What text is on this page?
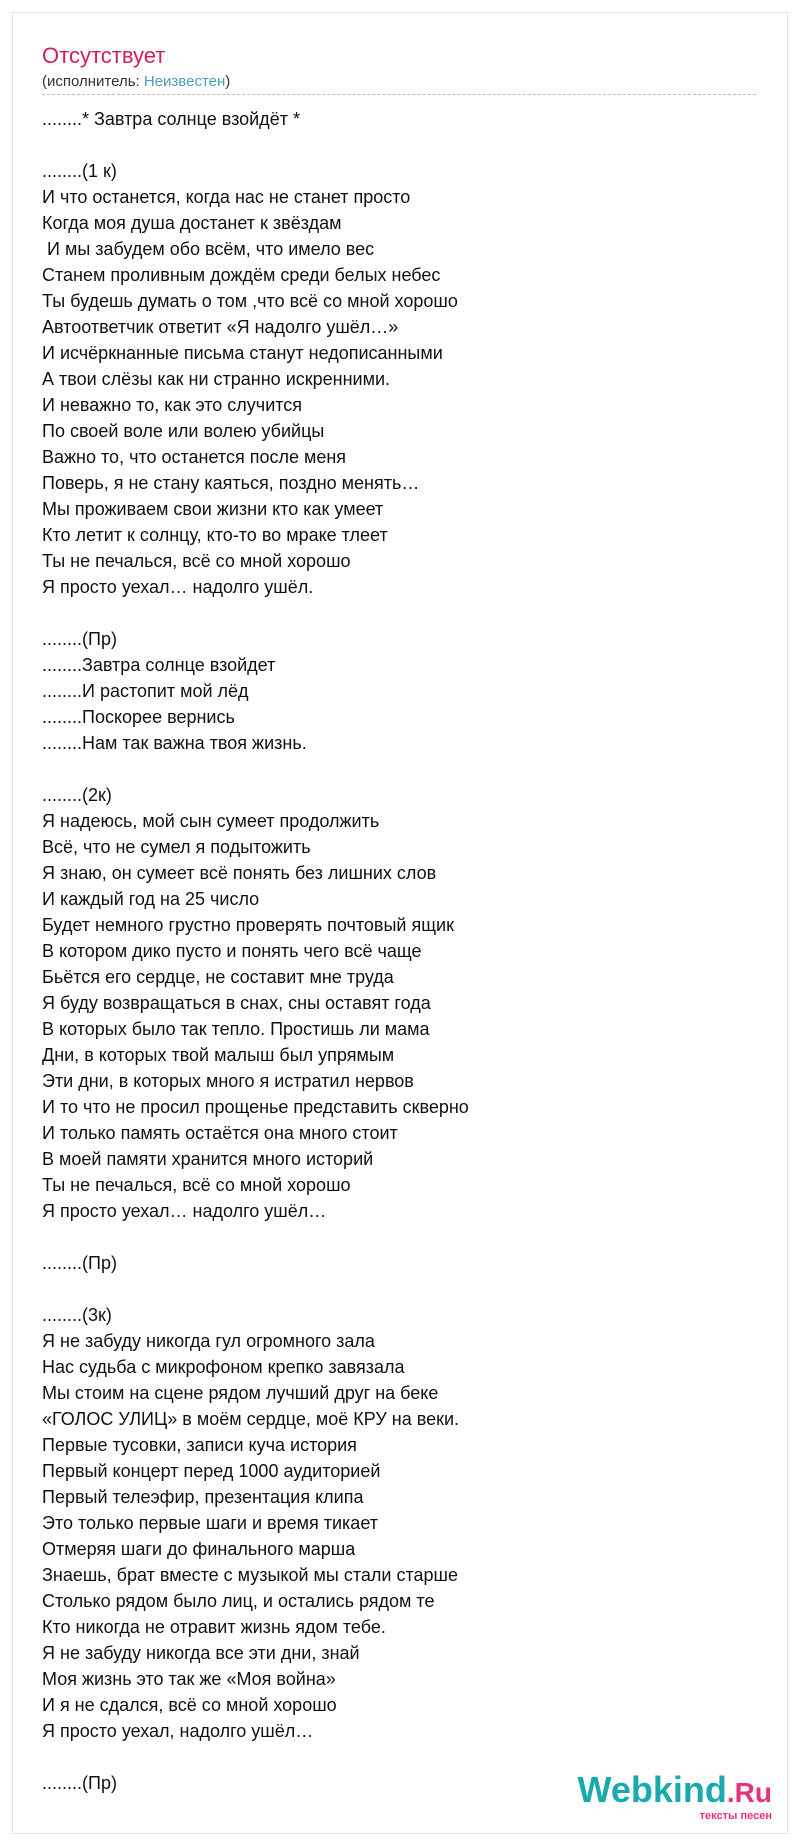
Отсутствует
(исполнитель: Неизвестен)
........* Завтра солнце взойдёт *
........(1 к)
И что останется, когда нас не станет просто
Когда моя душа достанет к звёздам
И мы забудем обо всём, что имело вес
Станем проливным дождём среди белых небес
Ты будешь думать о том ,что всё со мной хорошо
Автоответчик ответит «Я надолго ушёл…»
И исчёркнанные письма станут недописанными
А твои слёзы как ни странно искренними.
И неважно то, как это случится
По своей воле или волею убийцы
Важно то, что останется после меня
Поверь, я не стану каяться, поздно менять…
Мы проживаем свои жизни кто как умеет
Кто летит к солнцу, кто-то во мраке тлеет
Ты не печалься, всё со мной хорошо
Я просто уехал… надолго ушёл.
........(Пр)
........Завтра солнце взойдет
........И растопит мой лёд
........Поскорее вернись
........Нам так важна твоя жизнь.
........(2к)
Я надеюсь, мой сын сумеет продолжить
Всё, что не сумел я подытожить
Я знаю, он сумеет всё понять без лишних слов
И каждый год на 25 число
Будет немного грустно проверять почтовый ящик
В котором дико пусто и понять чего всё чаще
Бьётся его сердце, не составит мне труда
Я буду возвращаться в снах, сны оставят года
В которых было так тепло. Простишь ли мама
Дни, в которых твой малыш был упрямым
Эти дни, в которых много я истратил нервов
И то что не просил прощенье представить скверно
И только память остаётся она много стоит
В моей памяти хранится много историй
Ты не печалься, всё со мной хорошо
Я просто уехал… надолго ушёл…
........(Пр)
........(3к)
Я не забуду никогда гул огромного зала
Нас судьба с микрофоном крепко завязала
Мы стоим на сцене рядом лучший друг на беке
«ГОЛОС УЛИЦ» в моём сердце, моё КРУ на веки.
Первые тусовки, записи куча история
Первый концерт перед 1000 аудиторией
Первый телеэфир, презентация клипа
Это только первые шаги и время тикает
Отмеряя шаги до финального марша
Знаешь, брат вместе с музыкой мы стали старше
Столько рядом было лиц, и остались рядом те
Кто никогда не отравит жизнь ядом тебе.
Я не забуду никогда все эти дни, знай
Моя жизнь это так же «Моя война»
И я не сдался, всё со мной хорошо
Я просто уехал, надолго ушёл…
........(Пр)	Webkind.Ru
тексты песен
